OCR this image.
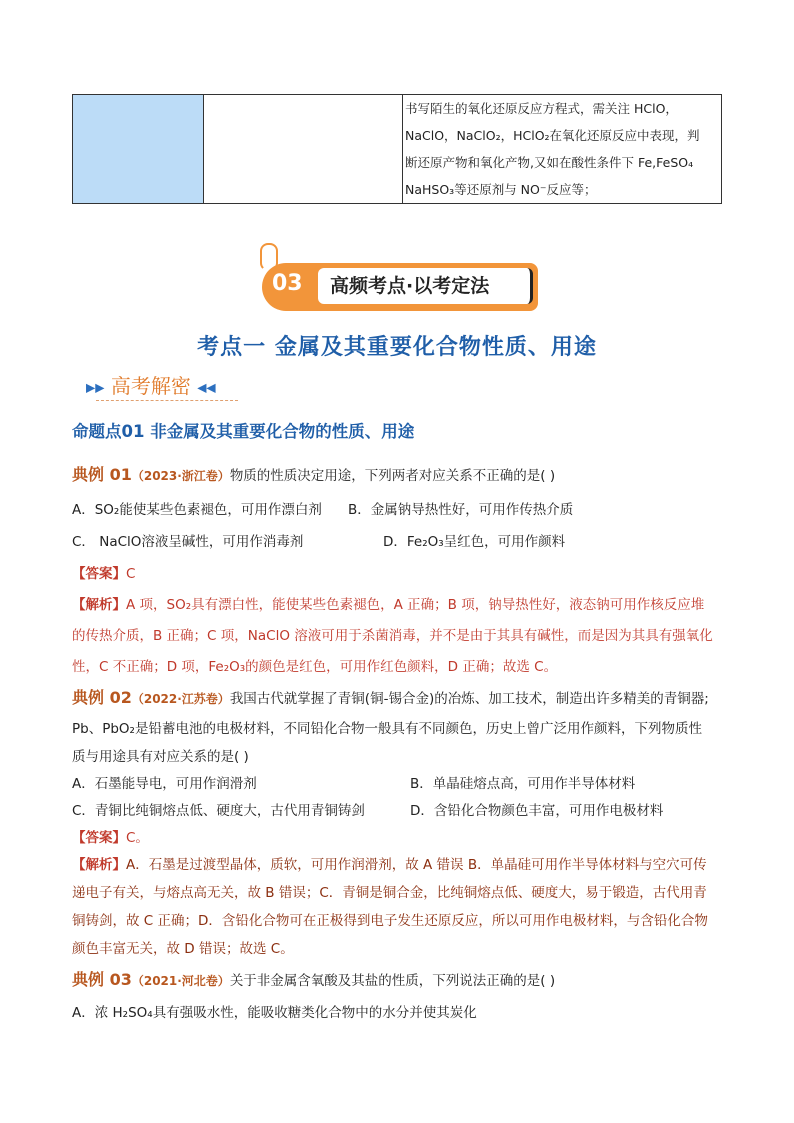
书写陌生的氧化还原反应方程式，需关注 HClO，

NaClO，NaClO₂，HClO₂在氧化还原反应中表现，判

断还原产物和氧化产物,又如在酸性条件下 Fe,FeSO₄

NaHSO₃等还原剂与 NO⁻反应等；

03	高频考点·以考定法
考点一 金属及其重要化合物性质、用途
▶▶ 高考解密 ◀◀
命题点01 非金属及其重要化合物的性质、用途
典例 01（2023·浙江卷）物质的性质决定用途，下列两者对应关系不正确的是( )
A．SO₂能使某些色素褪色，可用作漂白剂 B．金属钠导热性好，可用作传热介质
C． NaClO溶液呈碱性，可用作消毒剂	D．Fe₂O₃呈红色，可用作颜料
【答案】C
【解析】A 项，SO₂具有漂白性，能使某些色素褪色，A 正确；B 项，钠导热性好，液态钠可用作核反应堆
的传热介质，B 正确；C 项，NaClO 溶液可用于杀菌消毒，并不是由于其具有碱性，而是因为其具有强氧化
性，C 不正确；D 项，Fe₂O₃的颜色是红色，可用作红色颜料，D 正确；故选 C。
典例 02（2022·江苏卷）我国古代就掌握了青铜(铜-锡合金)的冶炼、加工技术，制造出许多精美的青铜器;
Pb、PbO₂是铅蓄电池的电极材料，不同铅化合物一般具有不同颜色，历史上曾广泛用作颜料，下列物质性
质与用途具有对应关系的是( )
A．石墨能导电，可用作润滑剂	B．单晶硅熔点高，可用作半导体材料
C．青铜比纯铜熔点低、硬度大，古代用青铜铸剑	D．含铅化合物颜色丰富，可用作电极材料
【答案】C。
【解析】A．石墨是过渡型晶体，质软，可用作润滑剂，故 A 错误 B．单晶硅可用作半导体材料与空穴可传
递电子有关，与熔点高无关，故 B 错误；C．青铜是铜合金，比纯铜熔点低、硬度大，易于锻造，古代用青
铜铸剑，故 C 正确；D．含铅化合物可在正极得到电子发生还原反应，所以可用作电极材料，与含铅化合物
颜色丰富无关，故 D 错误；故选 C。
典例 03（2021·河北卷）关于非金属含氧酸及其盐的性质，下列说法正确的是( )
A．浓 H₂SO₄具有强吸水性，能吸收糖类化合物中的水分并使其炭化
